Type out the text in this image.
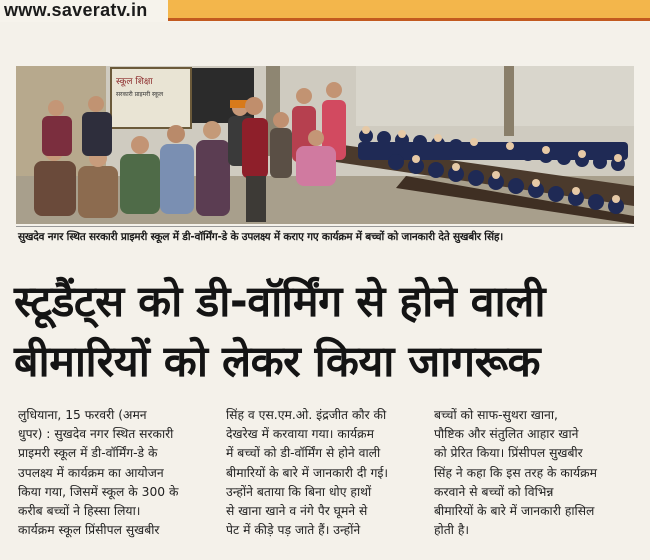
www.saveratv.in
स्कूल शिक्षा सरकारी प्राइमरी स्कूल
सुखदेव नगर स्थित सरकारी प्राइमरी स्कूल में डी-वॉर्मिंग-डे के उपलक्ष्य में कराए गए कार्यक्रम में बच्चों को जानकारी देते सुखबीर सिंह।
स्टूडैंट्स को डी-वॉर्मिंग से होने वाली
बीमारियों को लेकर किया जागरूक
लुधियाना, 15 फरवरी (अमन
धुपर) : सुखदेव नगर स्थित सरकारी
प्राइमरी स्कूल में डी-वॉर्मिंग-डे के
उपलक्ष्य में कार्यक्रम का आयोजन
किया गया, जिसमें स्कूल के 300 के
करीब बच्चों ने हिस्सा लिया।
कार्यक्रम स्कूल प्रिंसीपल सुखबीर
सिंह व एस.एम.ओ. इंद्रजीत कौर की
देखरेख में करवाया गया। कार्यक्रम
में बच्चों को डी-वॉर्मिंग से होने वाली
बीमारियों के बारे में जानकारी दी गई।
उन्होंने बताया कि बिना धोए हाथों
से खाना खाने व नंगे पैर घूमने से
पेट में कीड़े पड़ जाते हैं। उन्होंने
बच्चों को साफ-सुथरा खाना,
पौष्टिक और संतुलित आहार खाने
को प्रेरित किया। प्रिंसीपल सुखबीर
सिंह ने कहा कि इस तरह के कार्यक्रम
करवाने से बच्चों को विभिन्न
बीमारियों के बारे में जानकारी हासिल
होती है।
